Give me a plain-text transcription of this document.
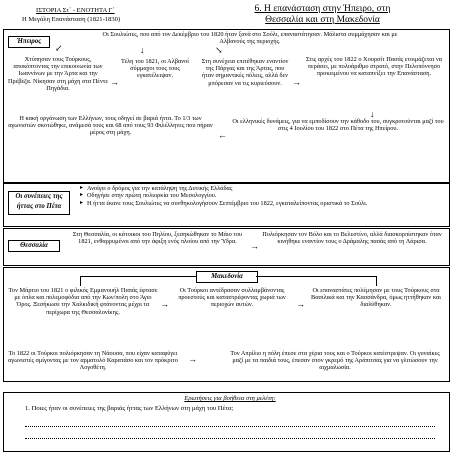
ΙΣΤΟΡΙΑ Στ΄ - ΕΝΟΤΗΤΑ Γ΄
Η Μεγάλη Επανάσταση (1821-1830)
6. Η επανάσταση στην Ήπειρο, στη
Θεσσαλία και στη Μακεδονία
Ήπειρος
Οι Σουλιώτες, που από τον Δεκέμβριο του 1820 ήταν ξανά στο Σούλι, επαναστάτησαν. Μάλιστα συμμάχησαν και με Αλβανούς της περιοχής.
↙	↓	↘
Χτύπησαν τους Τούρκους, αποκόπτοντας την επικοινωνία των Ιωαννίνων με την Άρτα και την Πρέβεζα. Νίκησαν στη μάχη στα Πέντε Πηγάδια.
→
Τέλη του 1821, οι Αλβανοί σύμμαχοι τους τους εγκατέλειψαν.
Στη συνέχεια επιτέθηκαν εναντίον της Πάργας και της Άρτας, που ήταν σημαντικές πόλεις, αλλά δεν μπόρεσαν να τις κυριεύσουν.	→
Στις αρχές του 1822 ο Χουρσίτ Πασάς ετοιμάζεται να περάσει, με πολυάριθμο στρατό, στην Πελοπόννησο προκειμένου να καταπνίξει την Επανάσταση.
↓
Η κακή οργάνωση των Ελλήνων, τους οδηγεί σε βαριά ήττα. Το 1/3 των αγωνιστών σκοτώθηκε, ανάμεσά τους και 68 από τους 93 Φιλέλληνες που πήραν μέρος στη μάχη.	←
Οι ελληνικές δυνάμεις, για να εμποδίσουν την κάθοδο του, συγκροτούνται μαζί του στις 4 Ιουλίου του 1822 στο Πέτα της Ηπείρου.
Οι συνέπειες της ήττας στο Πέτα
▸ Ανοίγει ο δρόμος για την κατάληψη της Δυτικής Ελλάδας
▸ Οδηγήσε στην πρώτη πολιορκία του Μεσολογγίου.
▸ Η ήττα έκανε τους Σουλιώτες να συνθηκολογήσουν Σεπτέμβριο του 1822, εγκαταλείποντας οριστικά το Σούλι.
Θεσσαλία
Στη Θεσσαλία, οι κάτοικοι του Πηλίου, ξεσηκώθηκαν το Μάιο του 1821, ενθαρρυμένοι από την άφιξη ενός πλοίου από την Ύδρα.	→
Πολιόρκησαν τον Βόλο και το Βελεστίνο, αλλά διασκορπίστηκαν όταν κινήθηκε εναντίον τους ο Δράμαλης πασάς από τη Λάρισα.
Μακεδονία
Τον Μάρτιο του 1821 ο φιλικός Εμμανουήλ Παπάς έφτασε με όπλα και πολεμοφόδια από την Κων/πολη στο Άγιο Όρος. Ξεσήκωσε την Χαλκιδική φτάνοντας μέχρι τα περίχωρα της Θεσσαλονίκης.
→
Οι Τούρκοι αντέδρασαν συλλαμβάνοντας προεστούς και καταστρέφοντας χωριά των περιοχών αυτών.	→
Οι επαναστάτες πολέμησαν με τους Τούρκους στα Βασιλικά και την Κασσάνδρα, όμως ηττήθηκαν και διαλύθηκαν.
Το 1822 οι Τούρκοι πολιόρκησαν τη Νάουσα, που είχαν καταφύγει αγωνιστές σμίγοντας με τον αρματολό Καρατάσο και τον πρόκριτο Λογοθέτη.
→
Τον Απρίλιο η πόλη έπεσε στα χέρια τους και ο Τούρκοι κατέστρεψαν. Οι γυναίκες μαζί με τα παιδιά τους, έπεσαν στον γκρεμό της Αράπιτσας για να γλιτώσουν την αιχμαλωσία.
Ερωτήσεις για βοήθεια στη μελέτη:
1. Ποιες ήταν οι συνέπειες της βαριάς ήττας των Ελλήνων στη μάχη του Πέτα;
